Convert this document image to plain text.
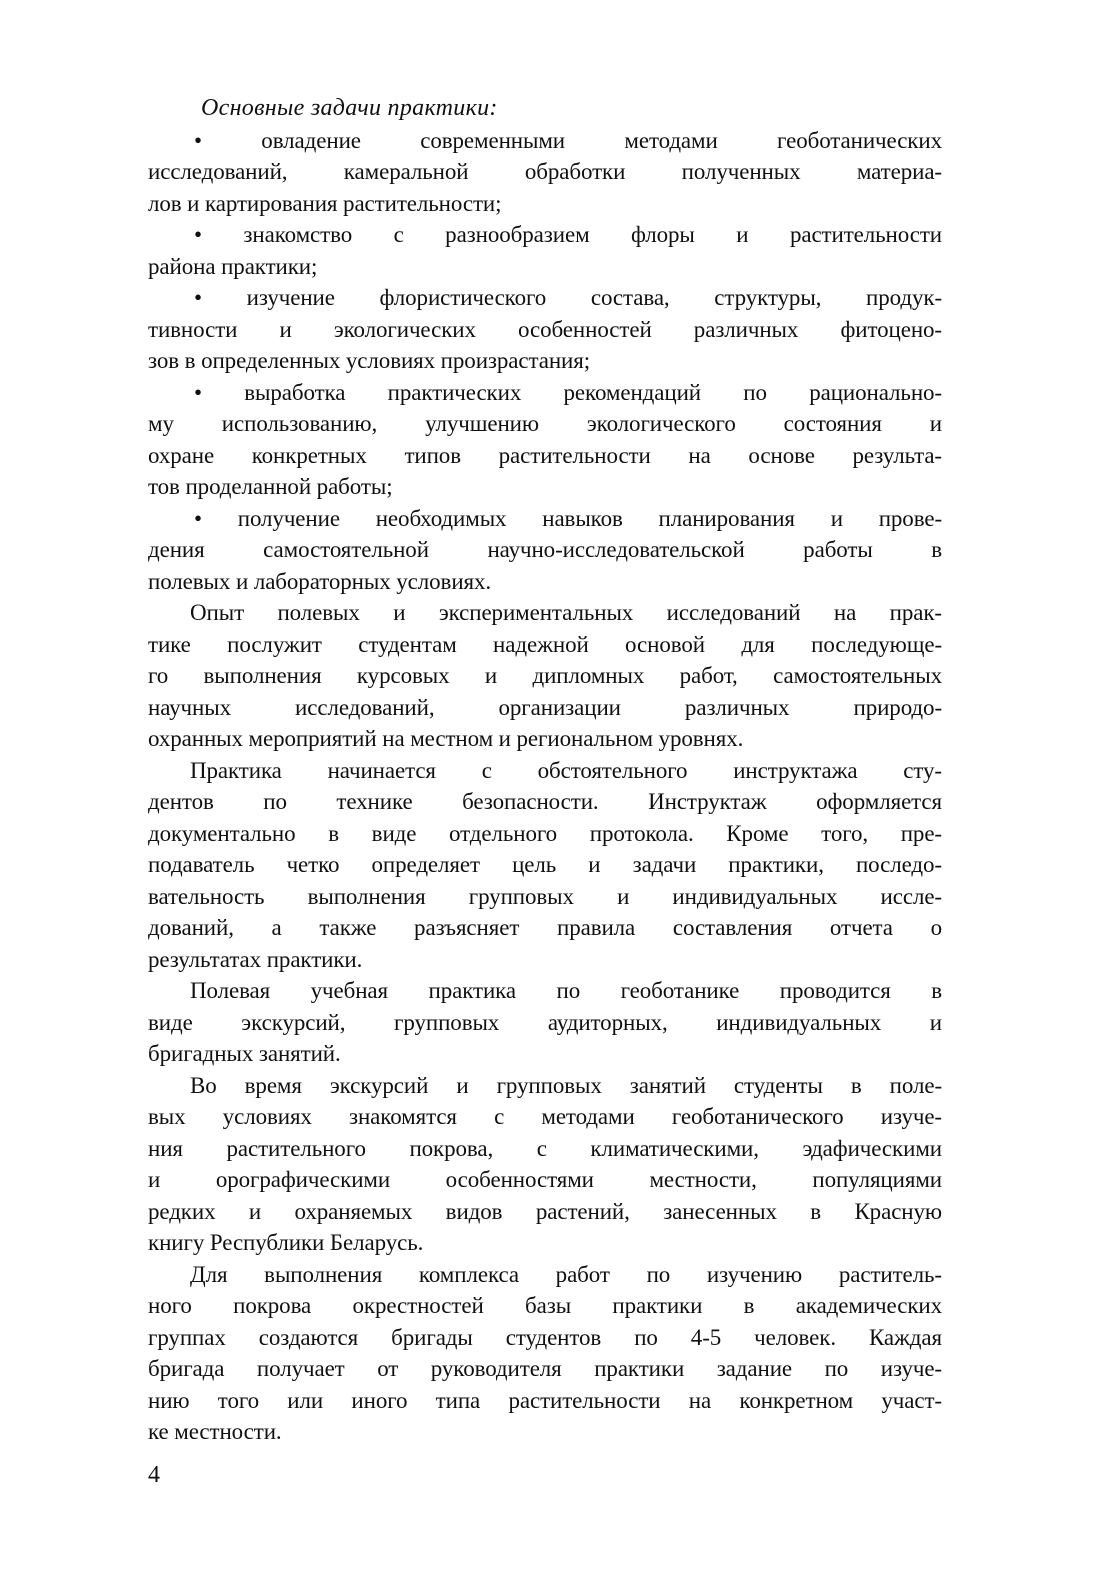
Основные задачи практики:
• овладение современными методами геоботанических
исследований, камеральной обработки полученных материа-
лов и картирования растительности;
• знакомство с разнообразием флоры и растительности
района практики;
• изучение флористического состава, структуры, продук-
тивности и экологических особенностей различных фитоцено-
зов в определенных условиях произрастания;
• выработка практических рекомендаций по рационально-
му использованию, улучшению экологического состояния и
охране конкретных типов растительности на основе результа-
тов проделанной работы;
• получение необходимых навыков планирования и прове-
дения самостоятельной научно-исследовательской работы в
полевых и лабораторных условиях.
Опыт полевых и экспериментальных исследований на прак-
тике послужит студентам надежной основой для последующе-
го выполнения курсовых и дипломных работ, самостоятельных
научных исследований, организации различных природо-
охранных мероприятий на местном и региональном уровнях.
Практика начинается с обстоятельного инструктажа сту-
дентов по технике безопасности. Инструктаж оформляется
документально в виде отдельного протокола. Кроме того, пре-
подаватель четко определяет цель и задачи практики, последо-
вательность выполнения групповых и индивидуальных иссле-
дований, а также разъясняет правила составления отчета о
результатах практики.
Полевая учебная практика по геоботанике проводится в
виде экскурсий, групповых аудиторных, индивидуальных и
бригадных занятий.
Во время экскурсий и групповых занятий студенты в поле-
вых условиях знакомятся с методами геоботанического изуче-
ния растительного покрова, с климатическими, эдафическими
и орографическими особенностями местности, популяциями
редких и охраняемых видов растений, занесенных в Красную
книгу Республики Беларусь.
Для выполнения комплекса работ по изучению раститель-
ного покрова окрестностей базы практики в академических
группах создаются бригады студентов по 4-5 человек. Каждая
бригада получает от руководителя практики задание по изуче-
нию того или иного типа растительности на конкретном участ-
ке местности.
4
